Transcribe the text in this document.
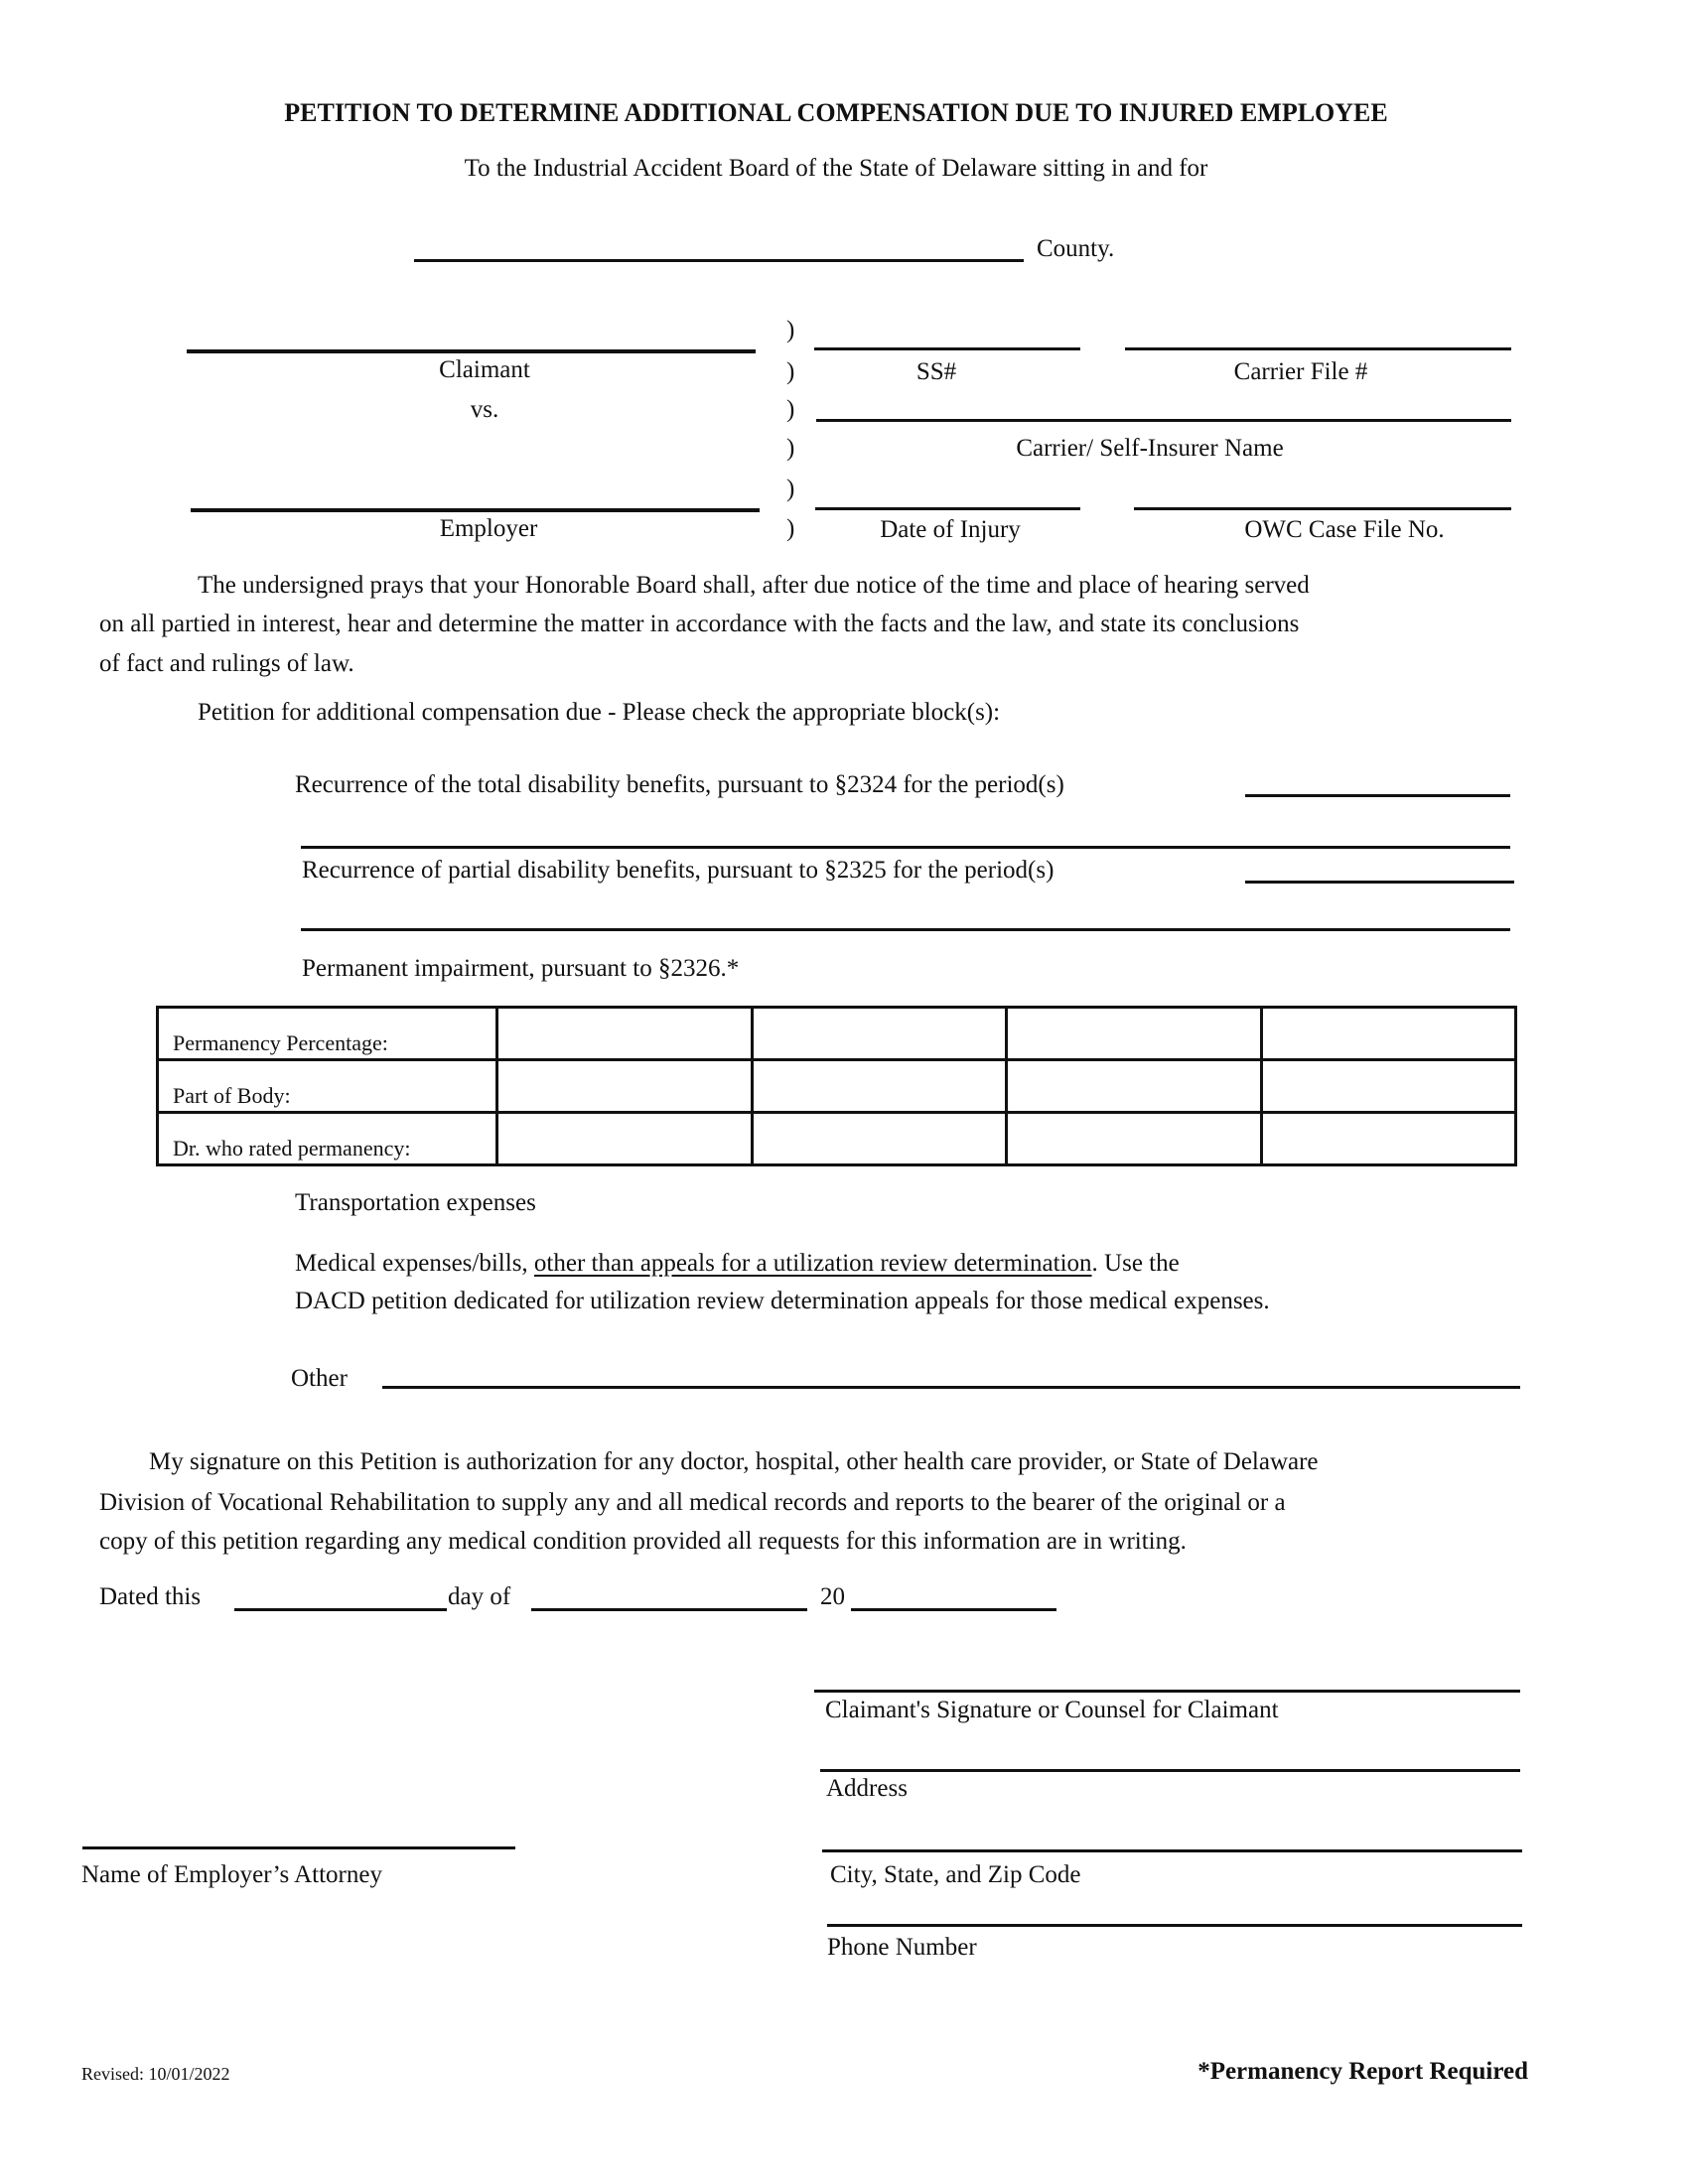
PETITION TO DETERMINE ADDITIONAL COMPENSATION DUE TO INJURED EMPLOYEE
To the Industrial Accident Board of the State of Delaware sitting in and for
County.
Claimant
vs.
Employer
)
)
)
)
)
)
SS#	Carrier File #
Carrier/ Self-Insurer Name
Date of Injury	OWC Case File No.
The undersigned prays that your Honorable Board shall, after due notice of the time and place of hearing served
on all partied in interest, hear and determine the matter in accordance with the facts and the law, and state its conclusions
of fact and rulings of law.
Petition for additional compensation due - Please check the appropriate block(s):
Recurrence of the total disability benefits, pursuant to §2324 for the period(s)
Recurrence of partial disability benefits, pursuant to §2325 for the period(s)
Permanent impairment, pursuant to §2326.*
Permanency Percentage:				
Part of Body:				
Dr. who rated permanency:				
Transportation expenses
Medical expenses/bills, other than appeals for a utilization review determination. Use the
DACD petition dedicated for utilization review determination appeals for those medical expenses.
Other
My signature on this Petition is authorization for any doctor, hospital, other health care provider, or State of Delaware
Division of Vocational Rehabilitation to supply any and all medical records and reports to the bearer of the original or a
copy of this petition regarding any medical condition provided all requests for this information are in writing.
Dated this	day of	20
Claimant's Signature or Counsel for Claimant
Address
City, State, and Zip Code
Phone Number
Name of Employer’s Attorney
Revised: 10/01/2022	*Permanency Report Required
